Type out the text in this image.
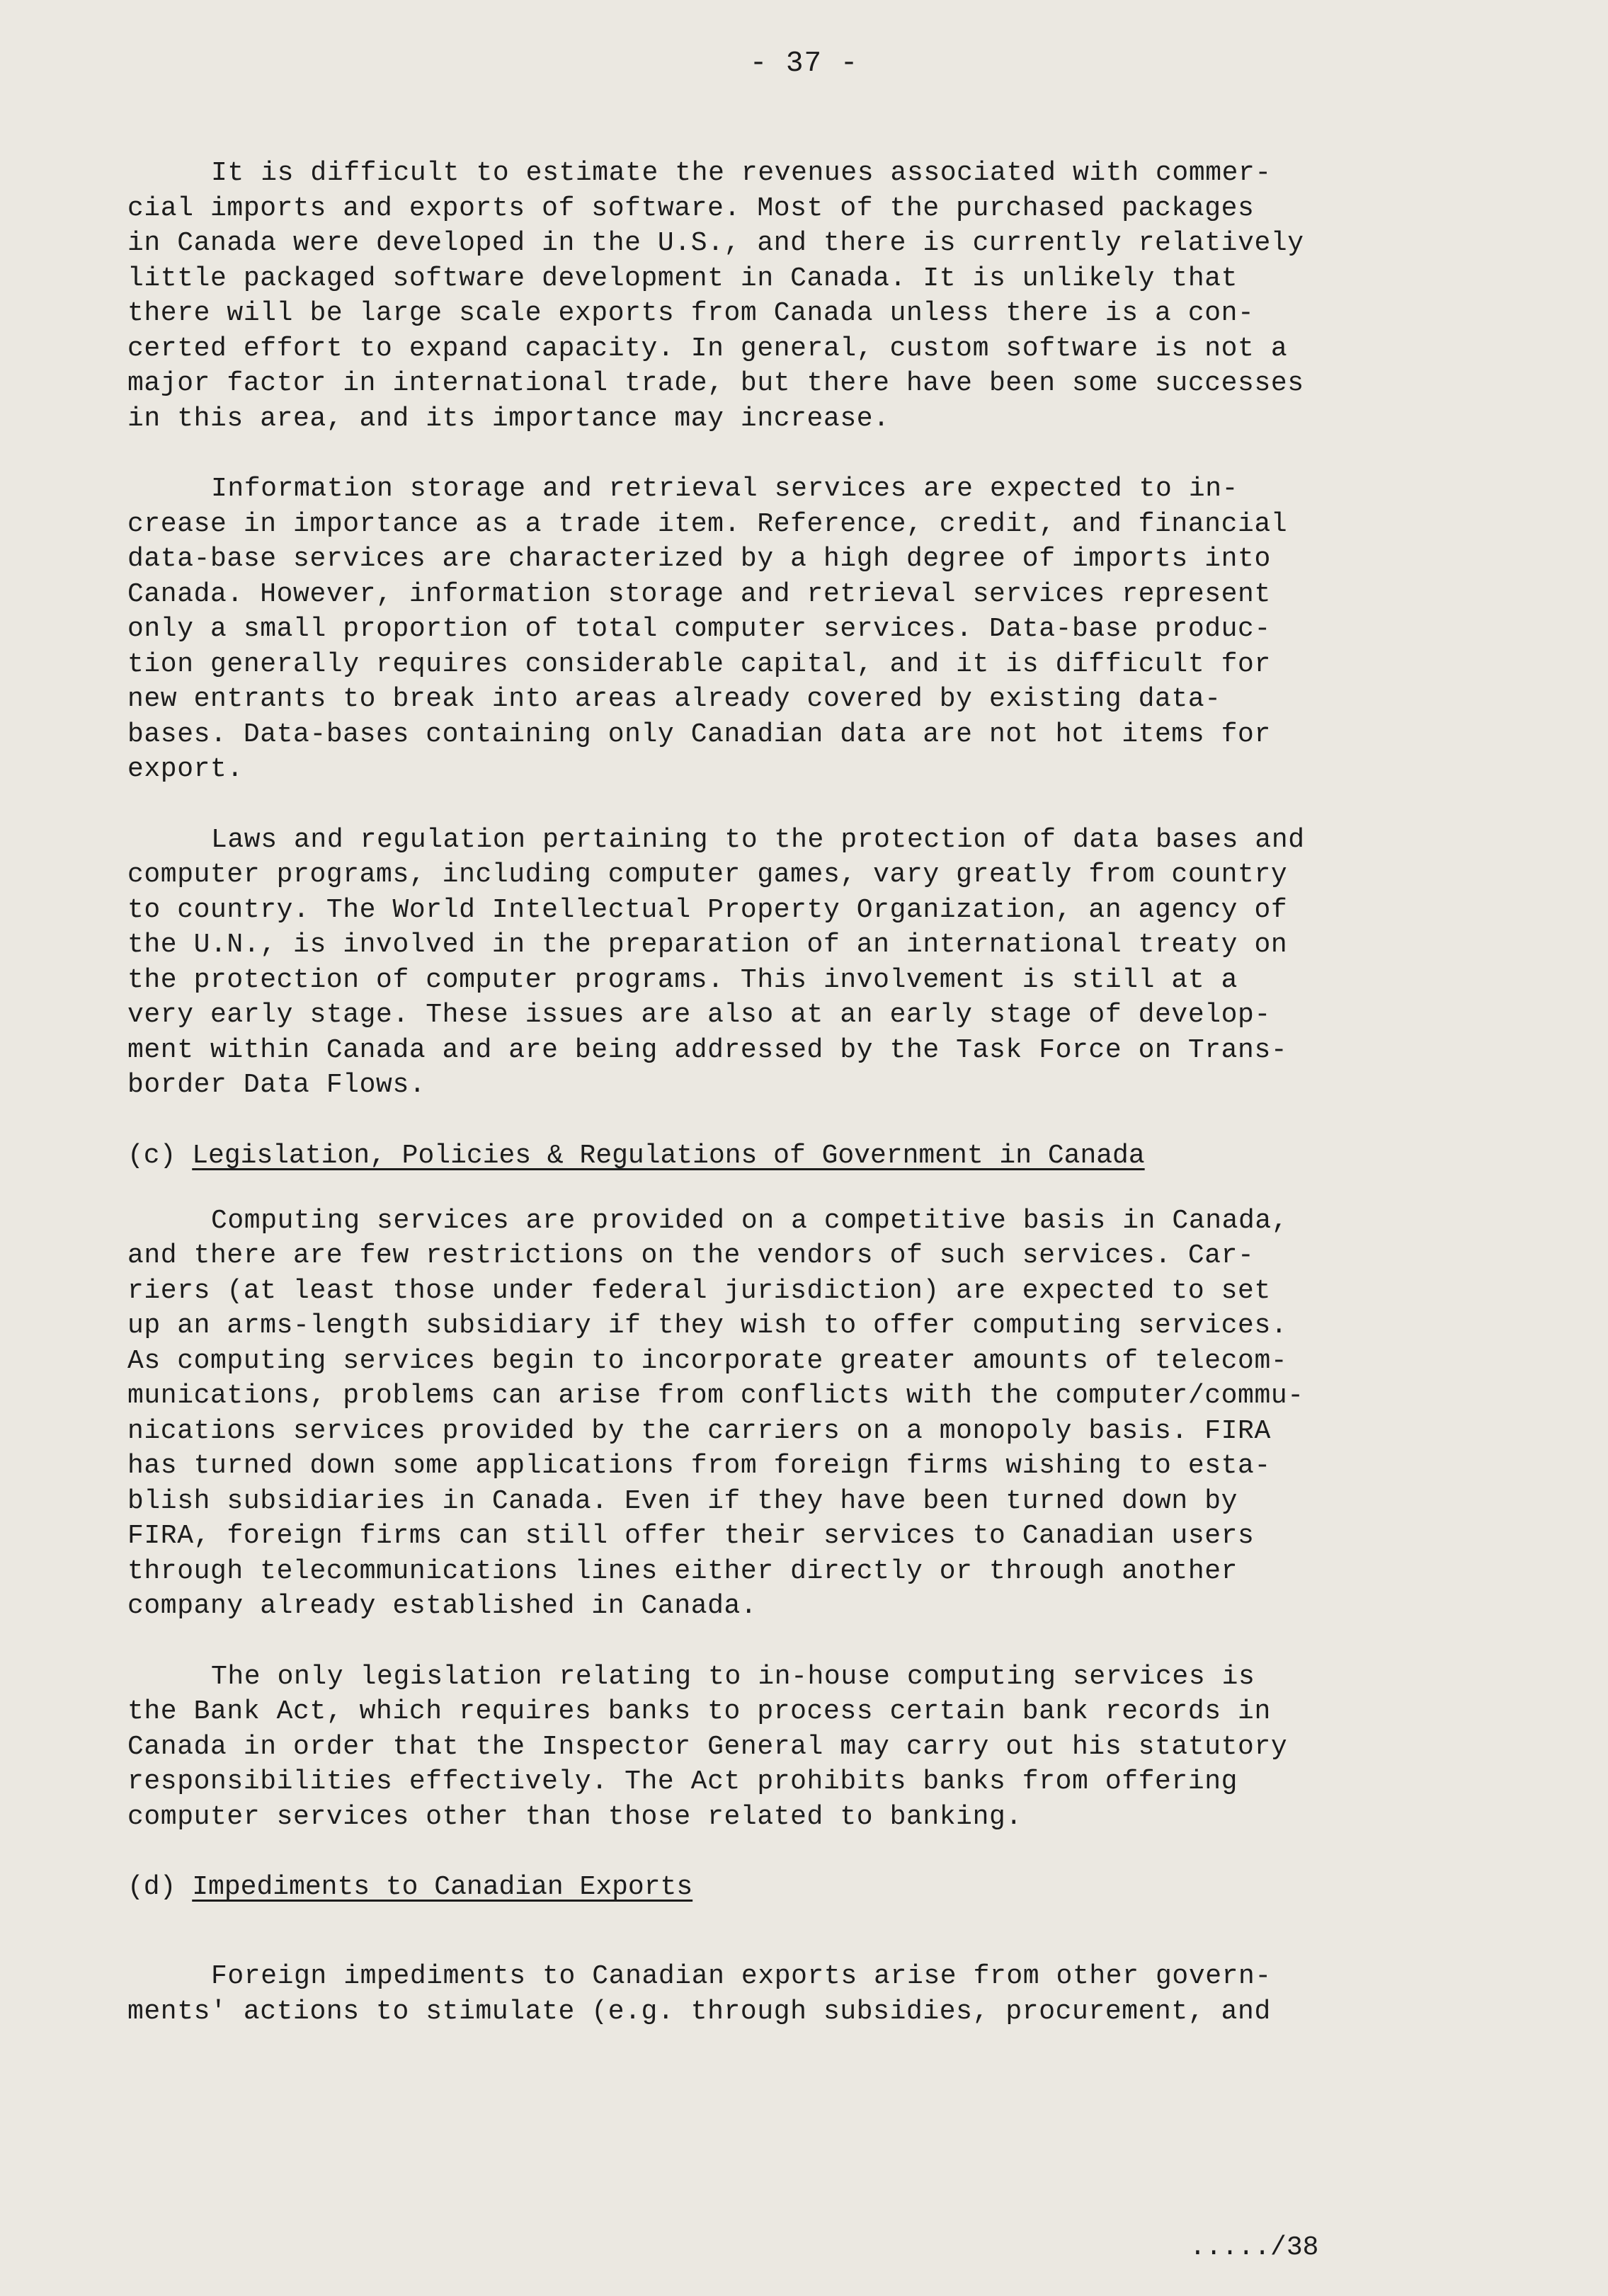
- 37 -
It is difficult to estimate the revenues associated with commer-
cial imports and exports of software. Most of the purchased packages
in Canada were developed in the U.S., and there is currently relatively
little packaged software development in Canada. It is unlikely that
there will be large scale exports from Canada unless there is a con-
certed effort to expand capacity. In general, custom software is not a
major factor in international trade, but there have been some successes
in this area, and its importance may increase.
Information storage and retrieval services are expected to in-
crease in importance as a trade item. Reference, credit, and financial
data-base services are characterized by a high degree of imports into
Canada. However, information storage and retrieval services represent
only a small proportion of total computer services. Data-base produc-
tion generally requires considerable capital, and it is difficult for
new entrants to break into areas already covered by existing data-
bases. Data-bases containing only Canadian data are not hot items for
export.
Laws and regulation pertaining to the protection of data bases and
computer programs, including computer games, vary greatly from country
to country. The World Intellectual Property Organization, an agency of
the U.N., is involved in the preparation of an international treaty on
the protection of computer programs. This involvement is still at a
very early stage. These issues are also at an early stage of develop-
ment within Canada and are being addressed by the Task Force on Trans-
border Data Flows.
(c) Legislation, Policies & Regulations of Government in Canada
Computing services are provided on a competitive basis in Canada,
and there are few restrictions on the vendors of such services. Car-
riers (at least those under federal jurisdiction) are expected to set
up an arms-length subsidiary if they wish to offer computing services.
As computing services begin to incorporate greater amounts of telecom-
munications, problems can arise from conflicts with the computer/commu-
nications services provided by the carriers on a monopoly basis. FIRA
has turned down some applications from foreign firms wishing to esta-
blish subsidiaries in Canada. Even if they have been turned down by
FIRA, foreign firms can still offer their services to Canadian users
through telecommunications lines either directly or through another
company already established in Canada.
The only legislation relating to in-house computing services is
the Bank Act, which requires banks to process certain bank records in
Canada in order that the Inspector General may carry out his statutory
responsibilities effectively. The Act prohibits banks from offering
computer services other than those related to banking.
(d) Impediments to Canadian Exports
Foreign impediments to Canadian exports arise from other govern-
ments' actions to stimulate (e.g. through subsidies, procurement, and
...../38
